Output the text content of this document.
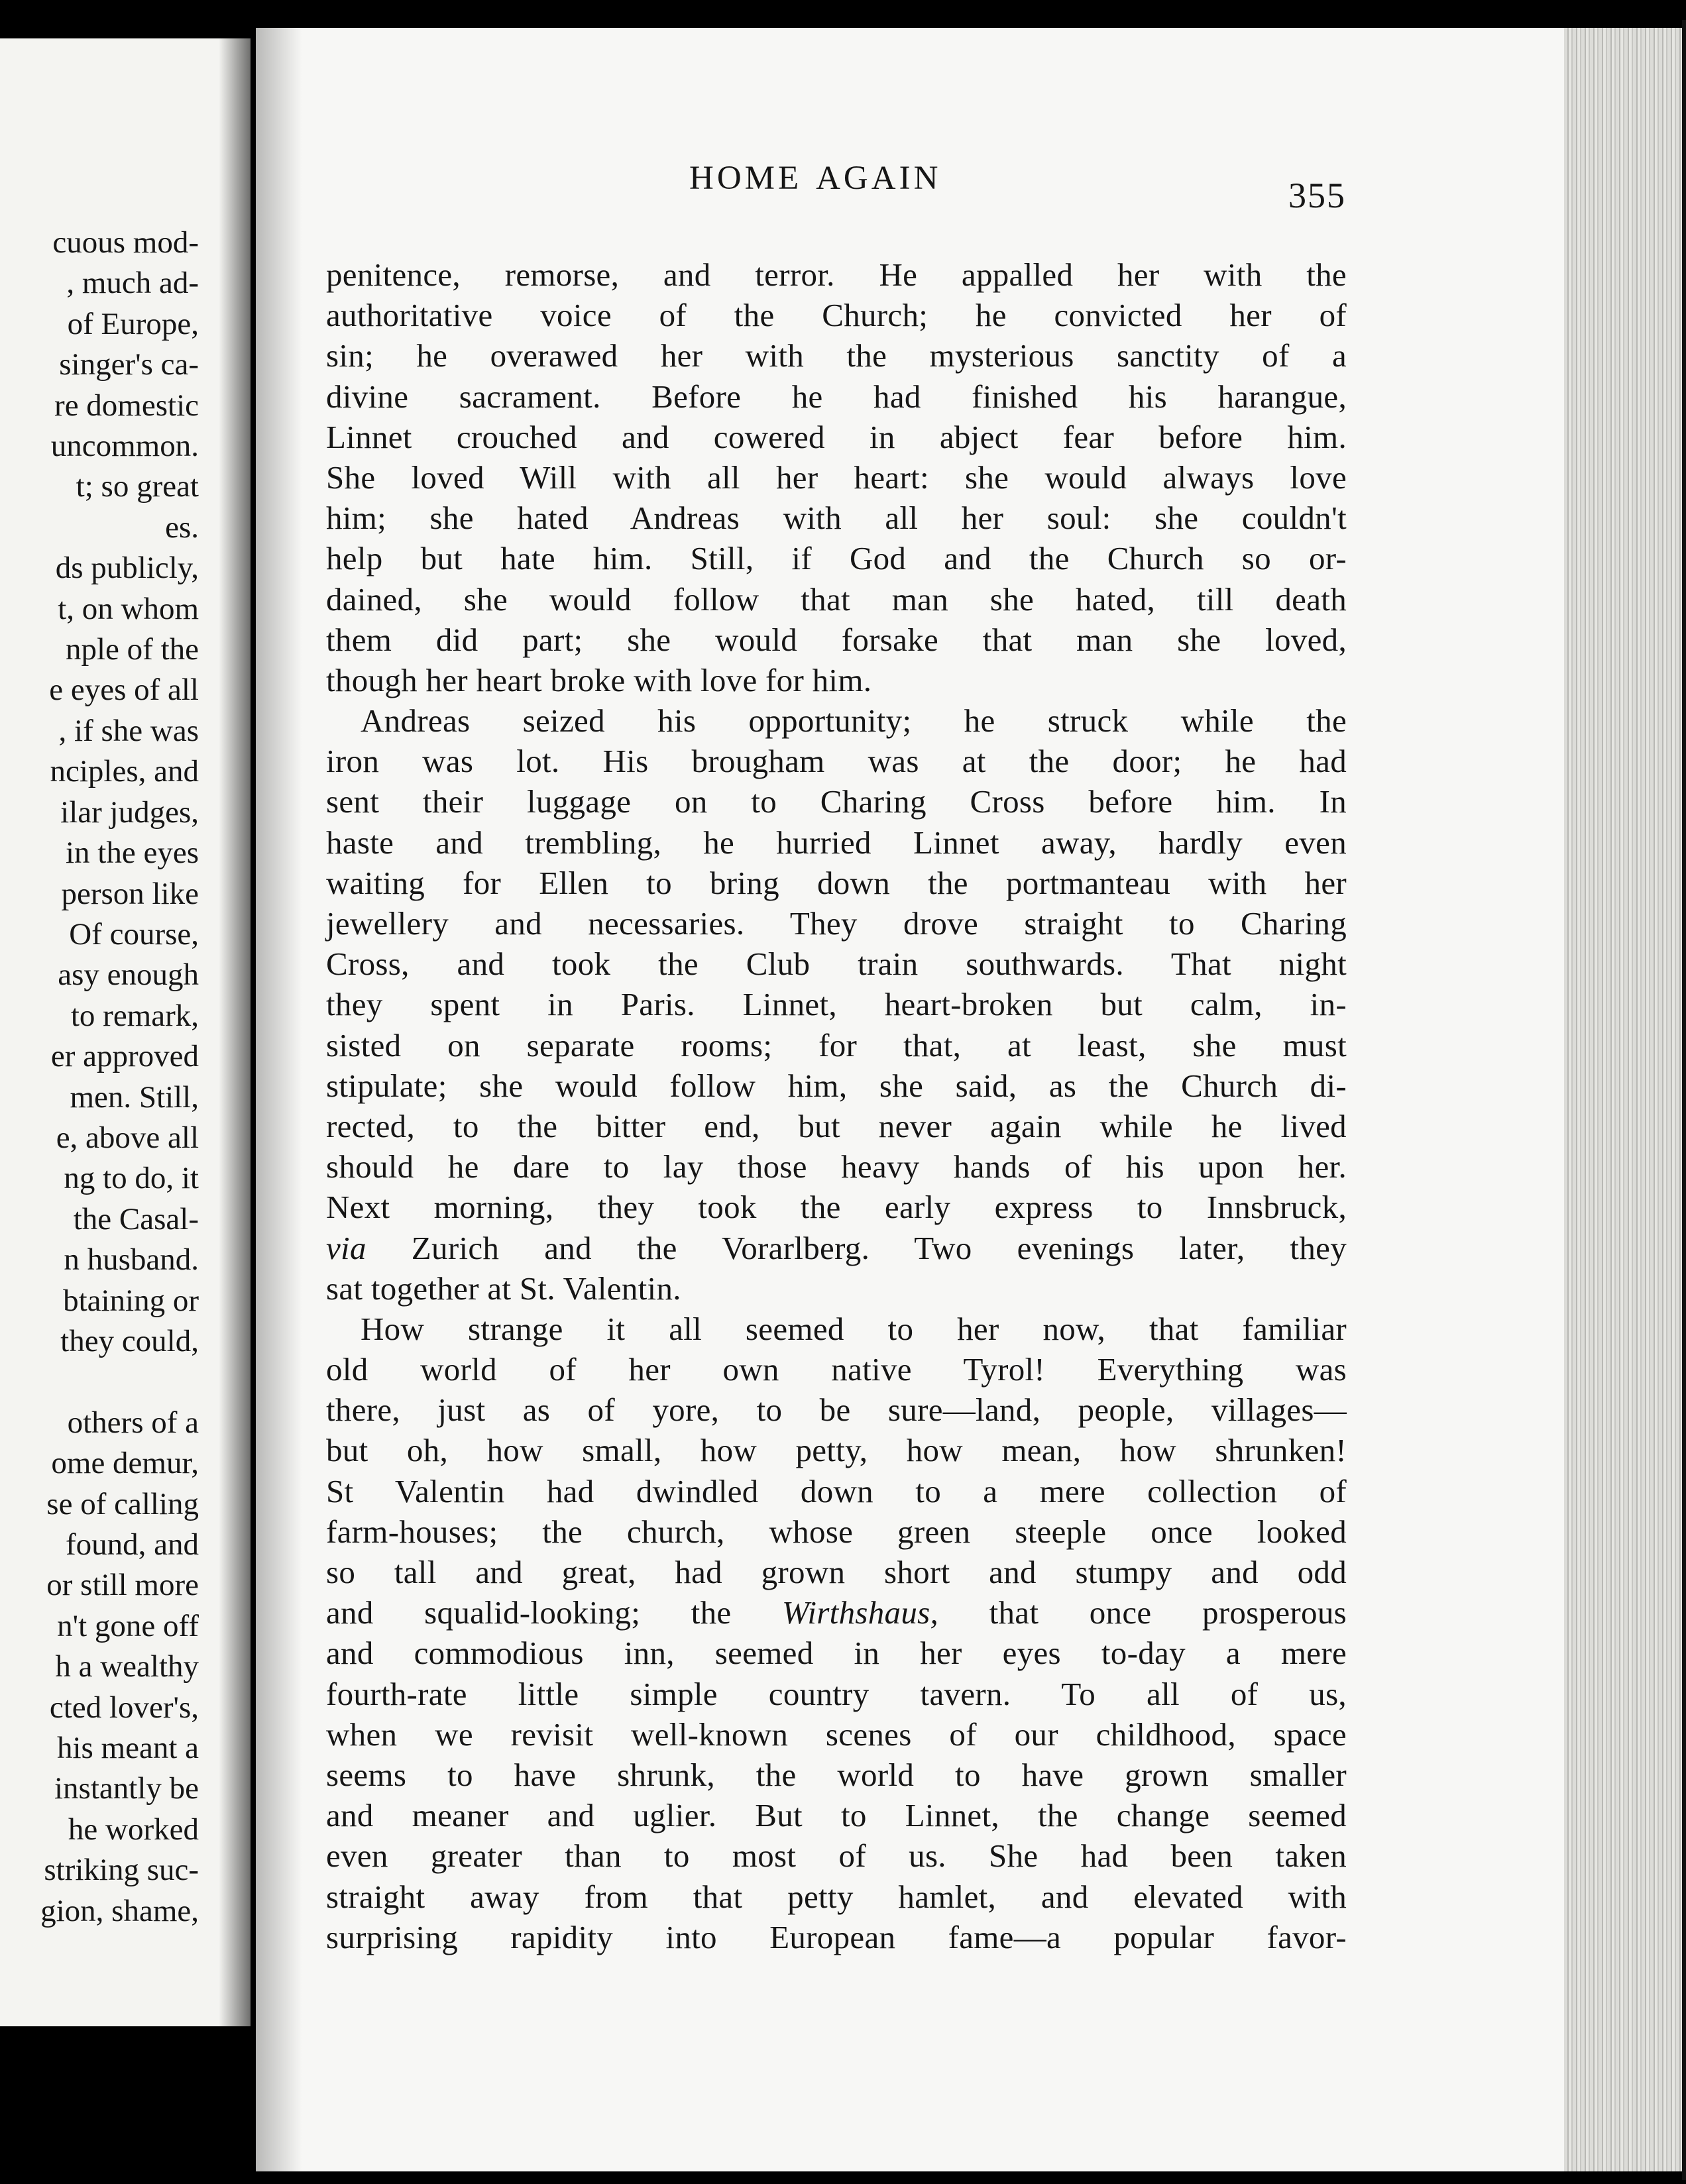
cuous mod-
, much ad-
of Europe,
singer's ca-
re domestic
uncommon.
t; so great
es.
ds publicly,
t, on whom
nple of the
e eyes of all
, if she was
nciples, and
ilar judges,
in the eyes
person like
Of course,
asy enough
to remark,
er approved
men. Still,
e, above all
ng to do, it
the Casal-
n husband.
btaining or
they could,
others of a
ome demur,
se of calling
found, and
or still more
n't gone off
h a wealthy
cted lover's,
his meant a
instantly be
he worked
striking suc-
gion, shame,
HOME AGAIN	355
penitence, remorse, and terror. He appalled her with the
authoritative voice of the Church; he convicted her of
sin; he overawed her with the mysterious sanctity of a
divine sacrament. Before he had finished his harangue,
Linnet crouched and cowered in abject fear before him.
She loved Will with all her heart: she would always love
him; she hated Andreas with all her soul: she couldn't
help but hate him. Still, if God and the Church so or-
dained, she would follow that man she hated, till death
them did part; she would forsake that man she loved,
though her heart broke with love for him.
Andreas seized his opportunity; he struck while the
iron was lot. His brougham was at the door; he had
sent their luggage on to Charing Cross before him. In
haste and trembling, he hurried Linnet away, hardly even
waiting for Ellen to bring down the portmanteau with her
jewellery and necessaries. They drove straight to Charing
Cross, and took the Club train southwards. That night
they spent in Paris. Linnet, heart-broken but calm, in-
sisted on separate rooms; for that, at least, she must
stipulate; she would follow him, she said, as the Church di-
rected, to the bitter end, but never again while he lived
should he dare to lay those heavy hands of his upon her.
Next morning, they took the early express to Innsbruck,
via Zurich and the Vorarlberg. Two evenings later, they
sat together at St. Valentin.
How strange it all seemed to her now, that familiar
old world of her own native Tyrol! Everything was
there, just as of yore, to be sure—land, people, villages—
but oh, how small, how petty, how mean, how shrunken!
St Valentin had dwindled down to a mere collection of
farm-houses; the church, whose green steeple once looked
so tall and great, had grown short and stumpy and odd
and squalid-looking; the Wirthshaus, that once prosperous
and commodious inn, seemed in her eyes to-day a mere
fourth-rate little simple country tavern. To all of us,
when we revisit well-known scenes of our childhood, space
seems to have shrunk, the world to have grown smaller
and meaner and uglier. But to Linnet, the change seemed
even greater than to most of us. She had been taken
straight away from that petty hamlet, and elevated with
surprising rapidity into European fame—a popular favor-
